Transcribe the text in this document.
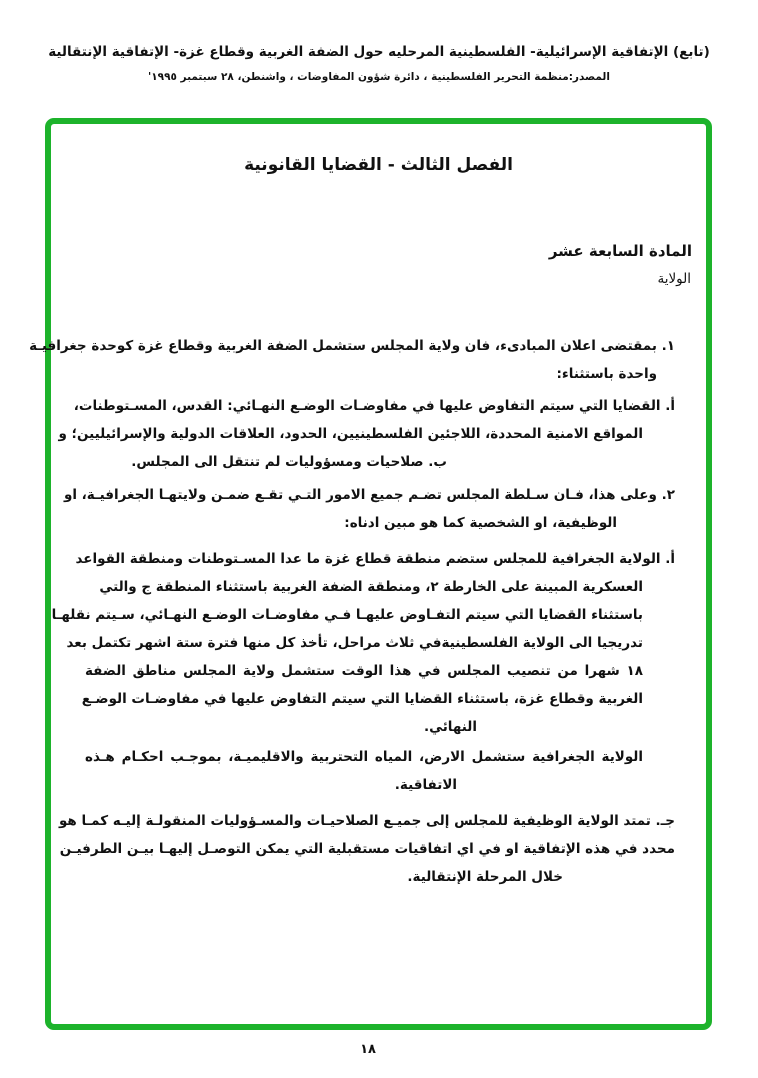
(تابع) الإتفاقية الإسرائيلية- الفلسطينية المرحليه حول الضفة الغربية وقطاع غزة- الإتفاقية الإنتقالية
المصدر:منظمة التحرير الفلسطينية ، دائرة شؤون المفاوضات ، واشنطن، ٢٨ سبتمبر ١٩٩٥'
الفصل الثالث - القضايا القانونية
المادة السابعة عشر
الولاية
١. بمقتضى اعلان المبادىء، فان ولاية المجلس ستشمل الضفة الغربية وقطاع غزة كوحدة جغرافيـة
واحدة باستثناء:
أ. القضايا التي سيتم التفاوض عليها في مفاوضـات الوضـع النهـائي: القدس، المسـتوطنات،
المواقع الامنية المحددة، اللاجئين الفلسطينيين، الحدود، العلاقات الدولية والإسرائيليين؛ و
ب. صلاحيات ومسؤوليات لم تنتقل الى المجلس.
٢. وعلى هذا، فـان سـلطة المجلس تضـم جميع الامور التـي تقـع ضمـن ولايتهـا الجغرافيـة، او
الوظيفية، او الشخصية كما هو مبين ادناه:
أ. الولاية الجغرافية للمجلس ستضم منطقة قطاع غزة ما عدا المسـتوطنات ومنطقة القواعد
العسكرية المبينة على الخارطة ٢، ومنطقة الضفة الغربية باستثناء المنطقة ج والتي
باستثناء القضايا التي سيتم التفـاوض عليهـا فـي مفاوضـات الوضـع النهـائي، سـيتم نقلهـا
تدريجيا الى الولاية الفلسطينيةفي ثلاث مراحل، تأخذ كل منها فترة ستة اشهر تكتمل بعد
١٨ شهرا من تنصيب المجلس في هذا الوقت ستشمل ولاية المجلس مناطق الضفة
الغربية وقطاع غزة، باستثناء القضايا التي سيتم التفاوض عليها في مفاوضـات الوضـع
النهائي.
الولاية الجغرافية ستشمل الارض، المياه التحتربية والاقليميـة، بموجـب احكـام هـذه
الاتفاقية.
جـ. تمتد الولاية الوظيفية للمجلس إلى جميـع الصلاحيـات والمسـؤوليات المنقولـة إليـه كمـا هو
محدد في هذه الإتفاقية او في اي اتفاقيات مستقبلية التي يمكن التوصـل إليهـا بيـن الطرفيـن
خلال المرحلة الإنتقالية.
١٨
